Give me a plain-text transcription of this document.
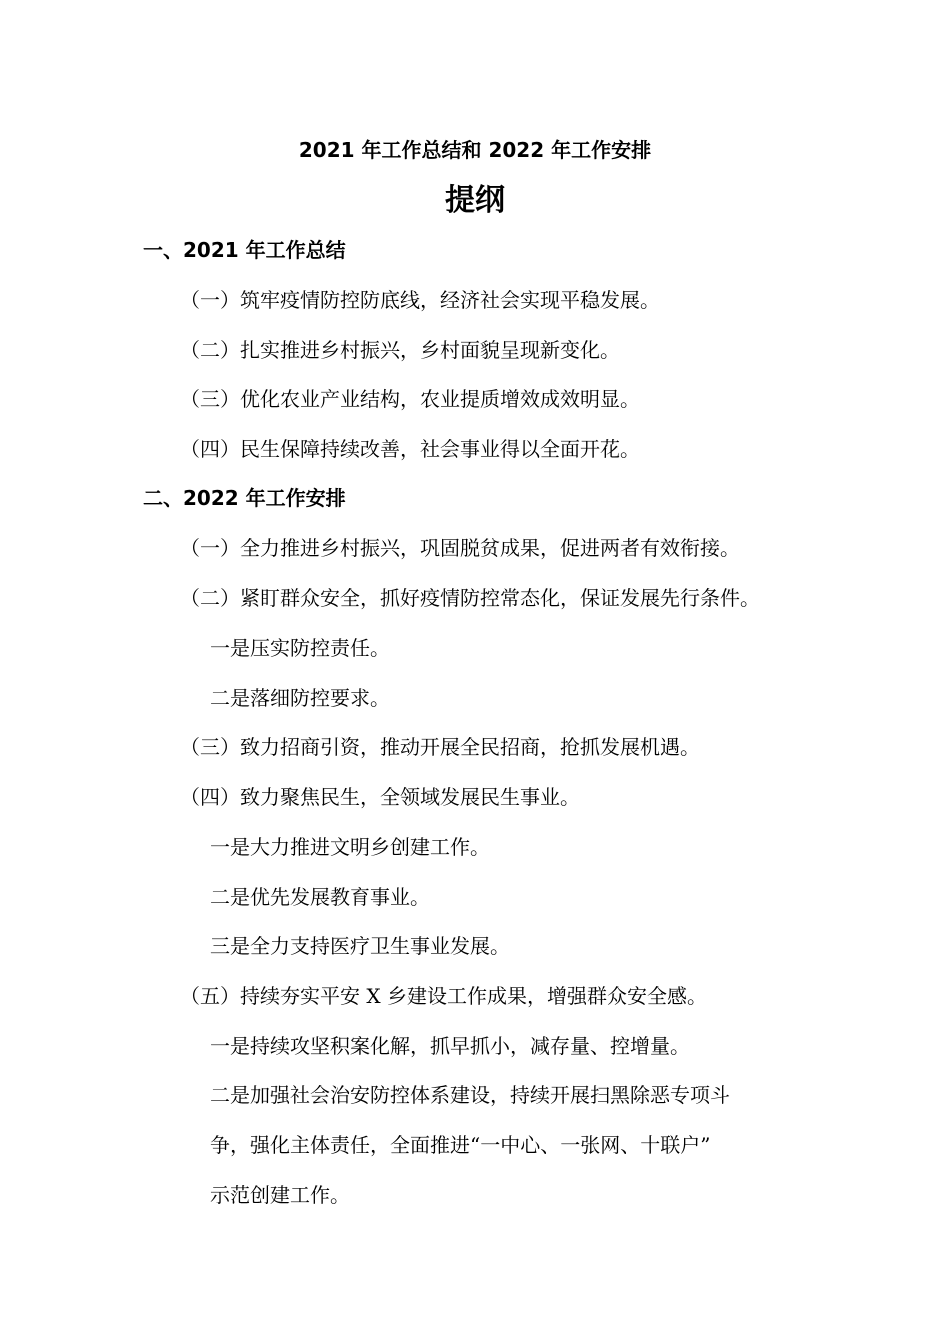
2021 年工作总结和 2022 年工作安排
提纲
一、2021 年工作总结
（一）筑牢疫情防控防底线，经济社会实现平稳发展。
（二）扎实推进乡村振兴，乡村面貌呈现新变化。
（三）优化农业产业结构，农业提质增效成效明显。
（四）民生保障持续改善，社会事业得以全面开花。
二、2022 年工作安排
（一）全力推进乡村振兴，巩固脱贫成果，促进两者有效衔接。
（二）紧盯群众安全，抓好疫情防控常态化，保证发展先行条件。
一是压实防控责任。
二是落细防控要求。
（三）致力招商引资，推动开展全民招商，抢抓发展机遇。
（四）致力聚焦民生，全领域发展民生事业。
一是大力推进文明乡创建工作。
二是优先发展教育事业。
三是全力支持医疗卫生事业发展。
（五）持续夯实平安 X 乡建设工作成果，增强群众安全感。
一是持续攻坚积案化解，抓早抓小，减存量、控增量。
二是加强社会治安防控体系建设，持续开展扫黑除恶专项斗
争，强化主体责任，全面推进“一中心、一张网、十联户”
示范创建工作。
